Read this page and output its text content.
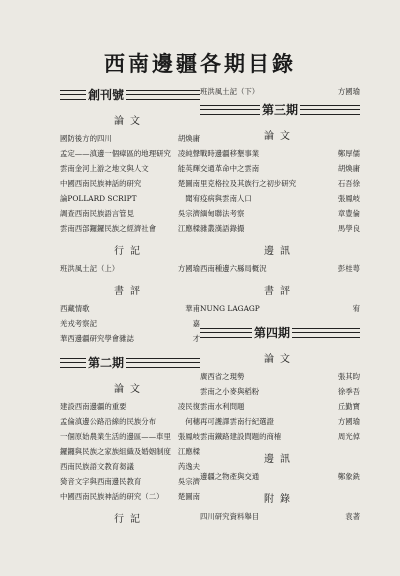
西南邊疆各期目錄
創刊號
論文
國防後方的四川	胡煥庸
孟定——滇邊一個瘴區的地理研究 凌純聲
雲南金河上游之地文與人文	能英輝
中國西南民族神話的研究	楚圖南
論POLLARD SCRIPT	聞宥
調查西南民族語言管見	吳宗濟
雲南西部鑼鑼民族之經濟社會	江應樑
行記
班洪風土記（上）	方國瑜
書評
西藏情歌	華甫
羌戎考察記	嘉
華西邊疆研究學會雜誌	才
第二期
論文
建設西南邊疆的重要	凌民復
孟倫滇邊公路沿線的民族分布	何穗
一個原始農業生活的邊區——車里 張鳳岐
鑼鑼與民族之家族組織及婚姻制度 江應樑
西南民族語文教育芻議	芮逸夫
猗音文字與西南邊民教育	吳宗濟
中國西南民族神話的研究（二） 楚圖南
行記
班洪風土記（下）	方國瑜
第三期
論文
戰時邊疆移墾事業	鄭厚儒
交通革命中之雲南	胡煥庸
里克格拉及其族行之初步研究	石吾徐
疫病與雲南人口	張鳳岐
緬甸聯法考察	章豊倫
雜叢漢語錄撮	馬學良
邊訊
西南種邊六縣局概況	彭桂萼
書評
NUNG LAGAGP	宥
第四期
論文
廣西省之現勢	張其昀
雲南之小麥與稻粉	徐季吾
雲南水利問題	丘勤寶
再可護譯雲南行紀選證	方國瑜
雲南鐵路建設問題的商榷	周光倬
邊訊
邊疆之物產與交通	鄭象銑
附錄
四川研究資料舉目	袁著
